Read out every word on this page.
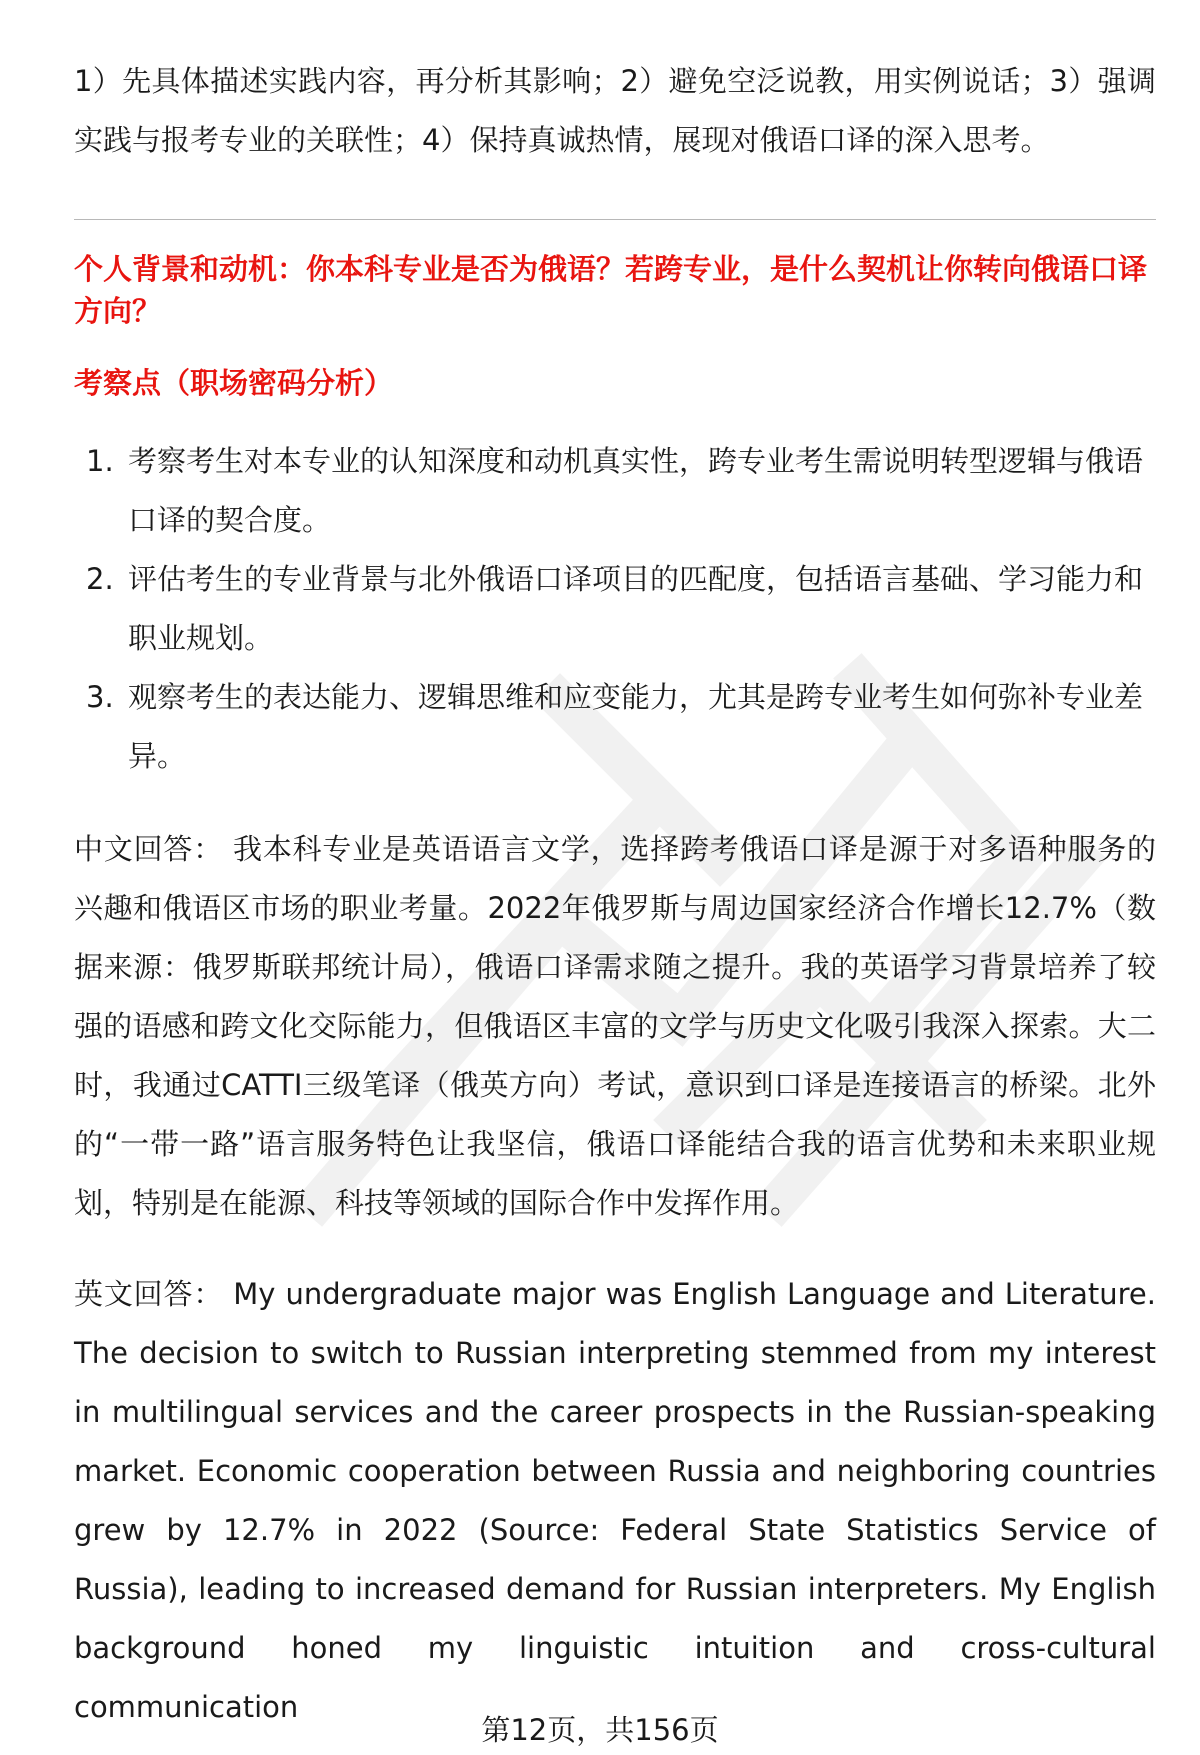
1）先具体描述实践内容，再分析其影响；2）避免空泛说教，用实例说话；3）强调实践与报考专业的关联性；4）保持真诚热情，展现对俄语口译的深入思考。

个人背景和动机：你本科专业是否为俄语？若跨专业，是什么契机让你转向俄语口译方向？

考察点（职场密码分析）

1. 考察考生对本专业的认知深度和动机真实性，跨专业考生需说明转型逻辑与俄语口译的契合度。
2. 评估考生的专业背景与北外俄语口译项目的匹配度，包括语言基础、学习能力和职业规划。
3. 观察考生的表达能力、逻辑思维和应变能力，尤其是跨专业考生如何弥补专业差异。

中文回答： 我本科专业是英语语言文学，选择跨考俄语口译是源于对多语种服务的兴趣和俄语区市场的职业考量。2022年俄罗斯与周边国家经济合作增长12.7%（数据来源：俄罗斯联邦统计局），俄语口译需求随之提升。我的英语学习背景培养了较强的语感和跨文化交际能力，但俄语区丰富的文学与历史文化吸引我深入探索。大二时，我通过CATTI三级笔译（俄英方向）考试，意识到口译是连接语言的桥梁。北外的“一带一路”语言服务特色让我坚信，俄语口译能结合我的语言优势和未来职业规划，特别是在能源、科技等领域的国际合作中发挥作用。

英文回答： My undergraduate major was English Language and Literature. The decision to switch to Russian interpreting stemmed from my interest in multilingual services and the career prospects in the Russian-speaking market. Economic cooperation between Russia and neighboring countries grew by 12.7% in 2022 (Source: Federal State Statistics Service of Russia), leading to increased demand for Russian interpreters. My English background honed my linguistic intuition and cross-cultural communication

第12页，共156页
